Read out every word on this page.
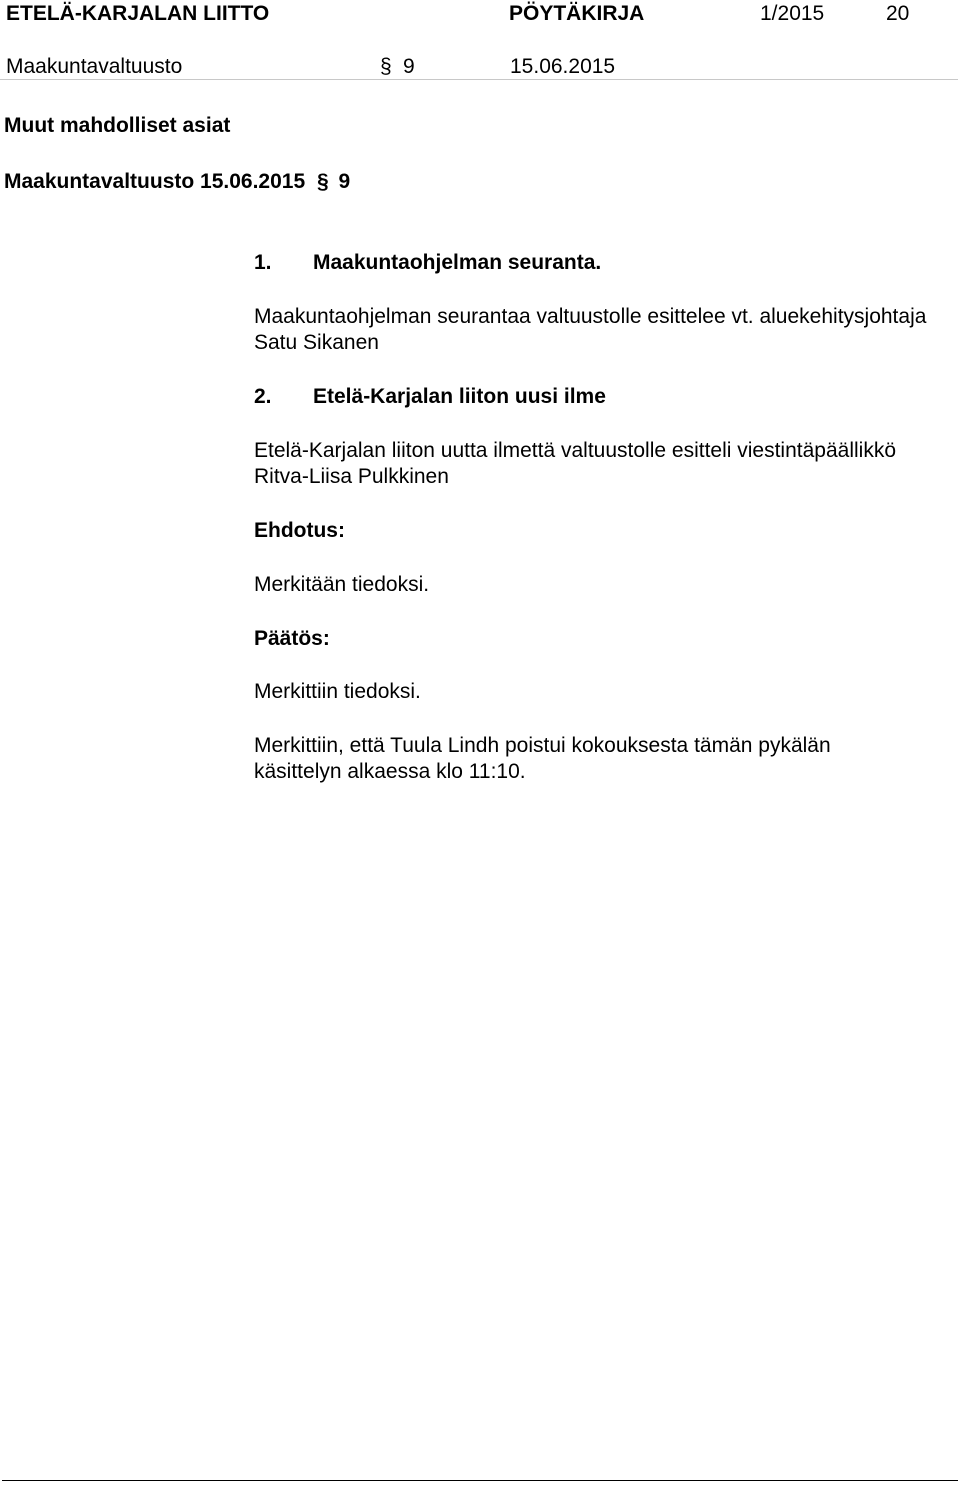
ETELÄ-KARJALAN LIITTO	PÖYTÄKIRJA	1/2015	20
Maakuntavaltuusto	§ 9	15.06.2015
Muut mahdolliset asiat
Maakuntavaltuusto 15.06.2015 § 9
1. Maakuntaohjelman seuranta.
Maakuntaohjelman seurantaa valtuustolle esittelee vt. aluekehitysjohtaja Satu Sikanen
2. Etelä-Karjalan liiton uusi ilme
Etelä-Karjalan liiton uutta ilmettä valtuustolle esitteli viestintäpäällikkö Ritva-Liisa Pulkkinen
Ehdotus:
Merkitään tiedoksi.
Päätös:
Merkittiin tiedoksi.
Merkittiin, että Tuula Lindh poistui kokouksesta tämän pykälän käsittelyn alkaessa klo 11:10.
